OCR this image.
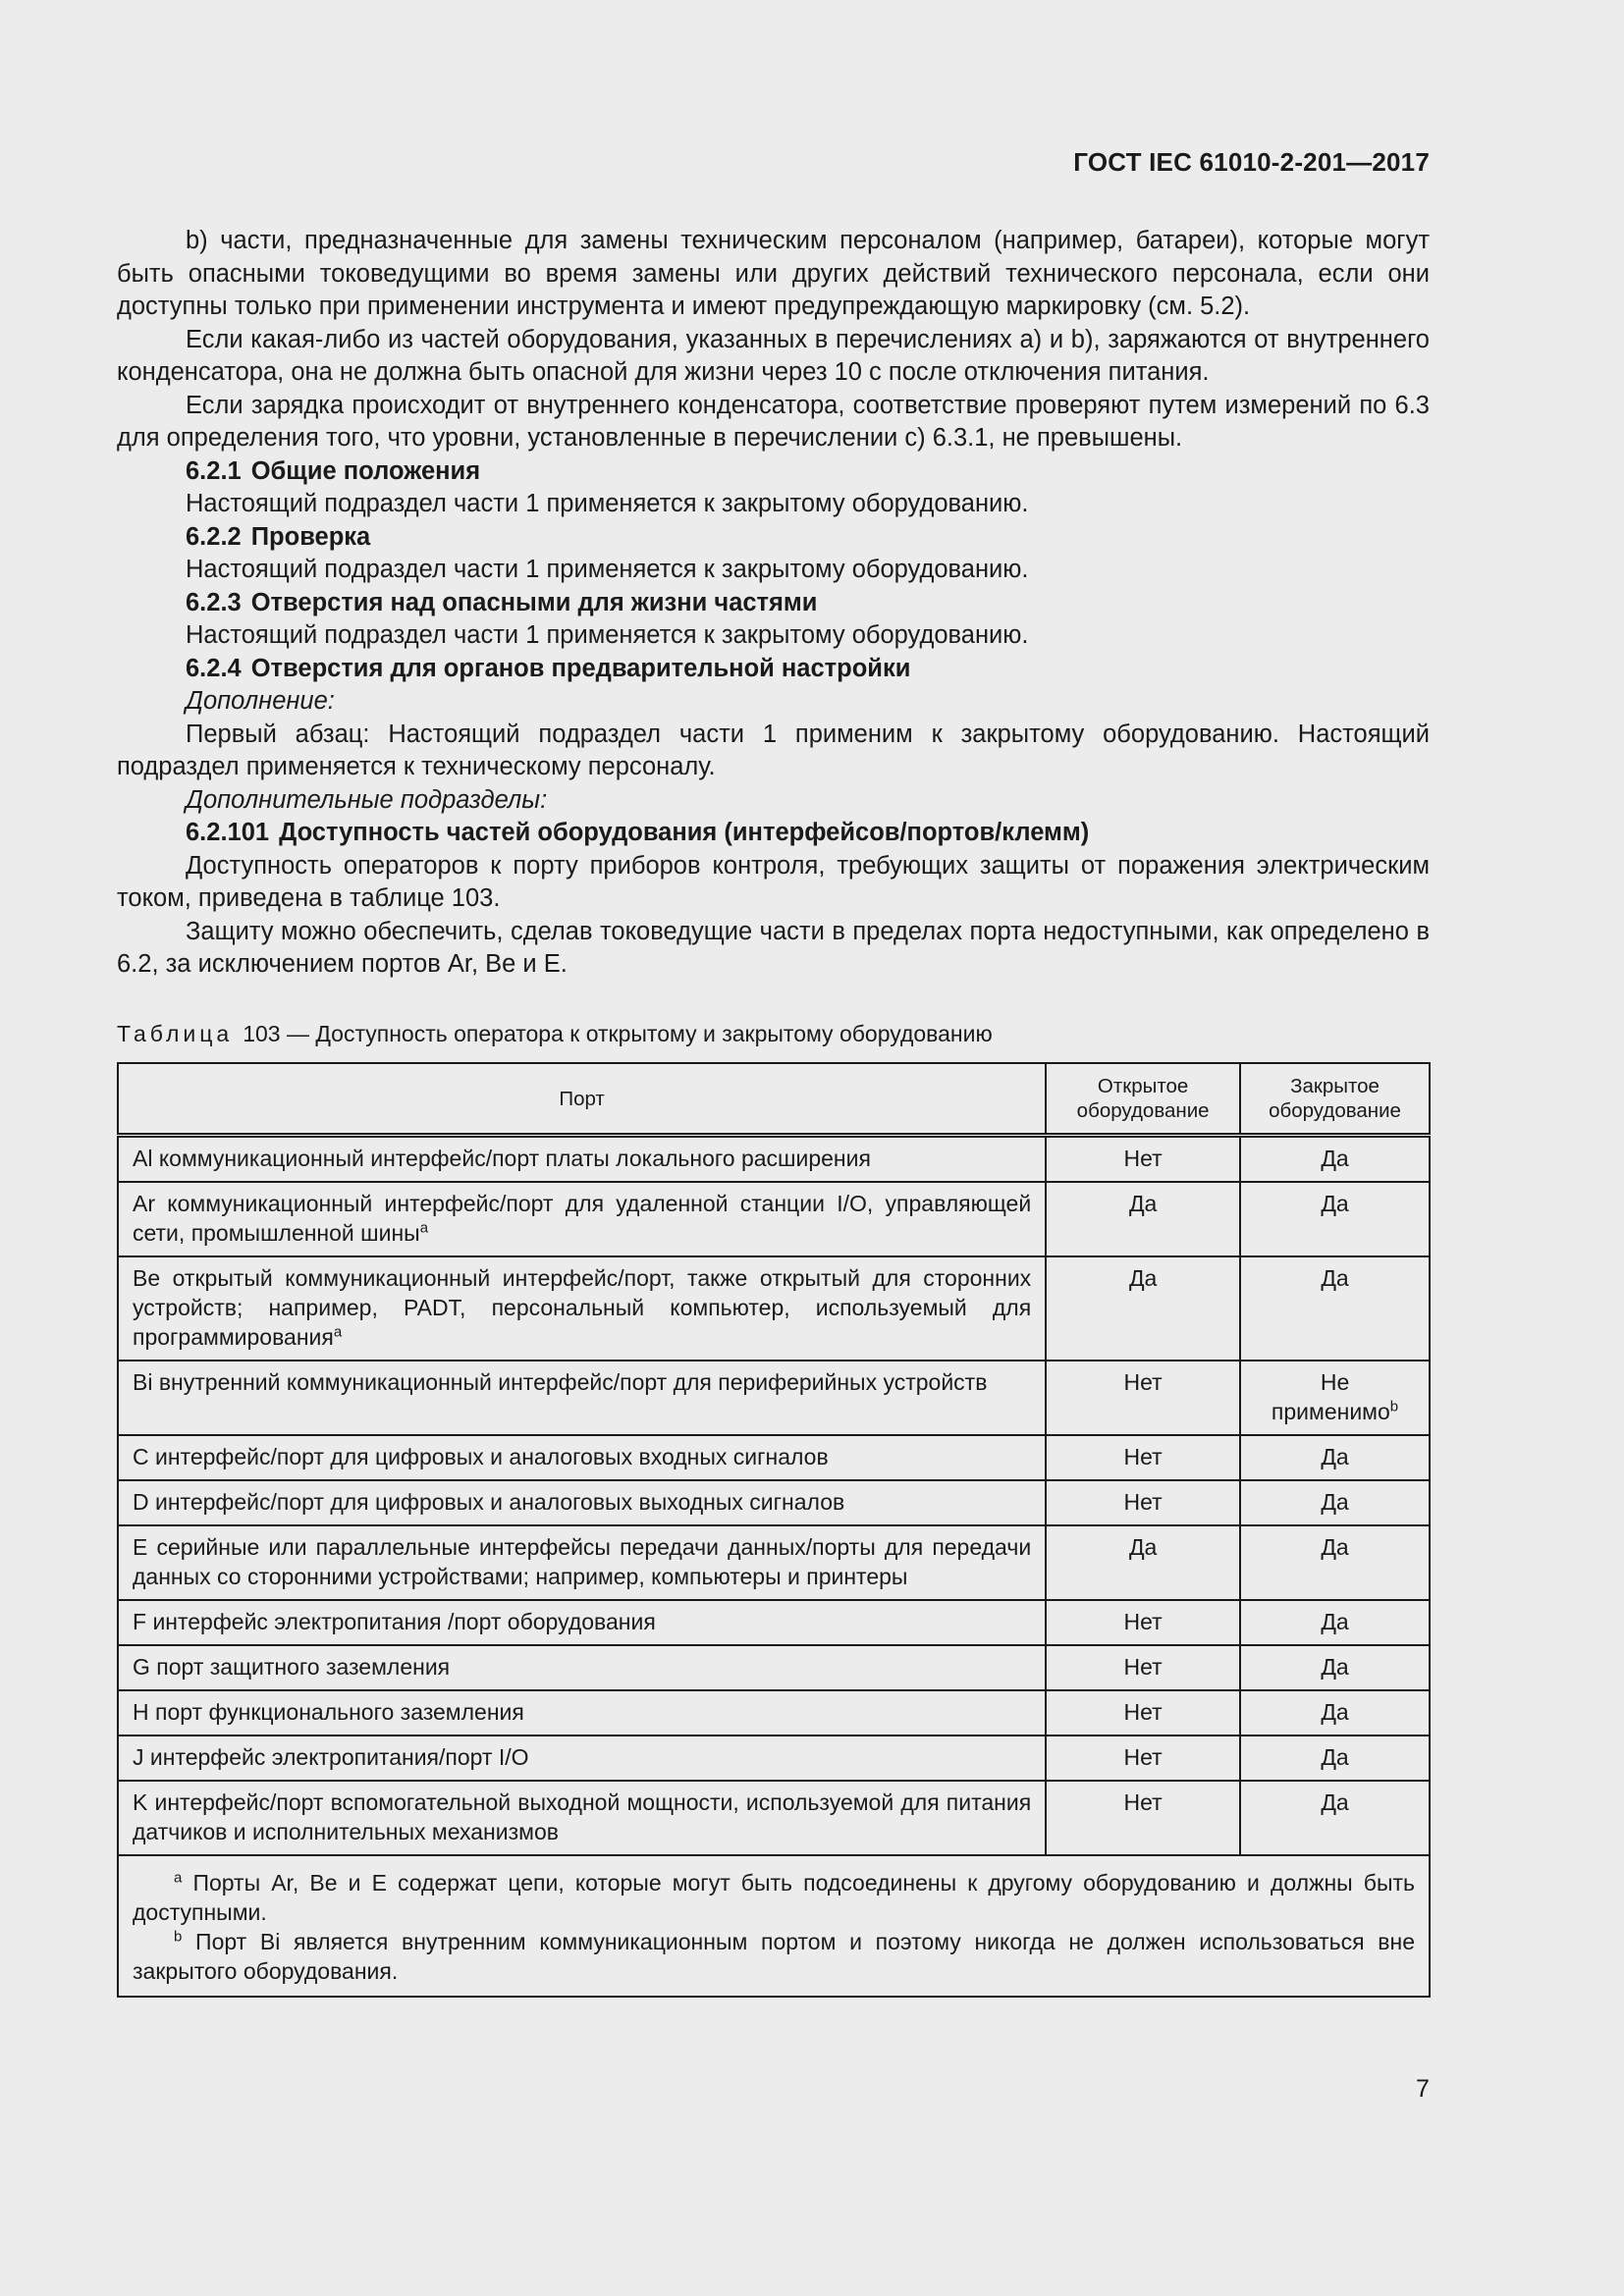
ГОСТ IEC 61010-2-201—2017

b) части, предназначенные для замены техническим персоналом (например, батареи), которые могут быть опасными токоведущими во время замены или других действий технического персонала, если они доступны только при применении инструмента и имеют предупреждающую маркировку (см. 5.2).

Если какая-либо из частей оборудования, указанных в перечислениях a) и b), заряжаются от внутреннего конденсатора, она не должна быть опасной для жизни через 10 с после отключения питания.

Если зарядка происходит от внутреннего конденсатора, соответствие проверяют путем измерений по 6.3 для определения того, что уровни, установленные в перечислении c) 6.3.1, не превышены.

6.2.1 Общие положения

Настоящий подраздел части 1 применяется к закрытому оборудованию.

6.2.2 Проверка

Настоящий подраздел части 1 применяется к закрытому оборудованию.

6.2.3 Отверстия над опасными для жизни частями

Настоящий подраздел части 1 применяется к закрытому оборудованию.

6.2.4 Отверстия для органов предварительной настройки

Дополнение:

Первый абзац: Настоящий подраздел части 1 применим к закрытому оборудованию. Настоящий подраздел применяется к техническому персоналу.

Дополнительные подразделы:

6.2.101 Доступность частей оборудования (интерфейсов/портов/клемм)

Доступность операторов к порту приборов контроля, требующих защиты от поражения электрическим током, приведена в таблице 103.

Защиту можно обеспечить, сделав токоведущие части в пределах порта недоступными, как определено в 6.2, за исключением портов Ar, Be и E.

Таблица 103 — Доступность оператора к открытому и закрытому оборудованию
Порт	Открытое оборудование	Закрытое оборудование
Al коммуникационный интерфейс/порт платы локального расширения	Нет	Да
Ar коммуникационный интерфейс/порт для удаленной станции I/O, управляющей сети, промышленной шины$^a$	Да	Да
Be открытый коммуникационный интерфейс/порт, также открытый для сторонних устройств; например, PADT, персональный компьютер, используемый для программирования$^a$	Да	Да
Bi внутренний коммуникационный интерфейс/порт для периферийных устройств	Нет	Не применимо$^b$
C интерфейс/порт для цифровых и аналоговых входных сигналов	Нет	Да
D интерфейс/порт для цифровых и аналоговых выходных сигналов	Нет	Да
E серийные или параллельные интерфейсы передачи данных/порты для передачи данных со сторонними устройствами; например, компьютеры и принтеры	Да	Да
F интерфейс электропитания /порт оборудования	Нет	Да
G порт защитного заземления	Нет	Да
H порт функционального заземления	Нет	Да
J интерфейс электропитания/порт I/O	Нет	Да
K интерфейс/порт вспомогательной выходной мощности, используемой для питания датчиков и исполнительных механизмов	Нет	Да

$^a$ Порты Ar, Be и E содержат цепи, которые могут быть подсоединены к другому оборудованию и должны быть доступными.

$^b$ Порт Bi является внутренним коммуникационным портом и поэтому никогда не должен использоваться вне закрытого оборудования.		

7
